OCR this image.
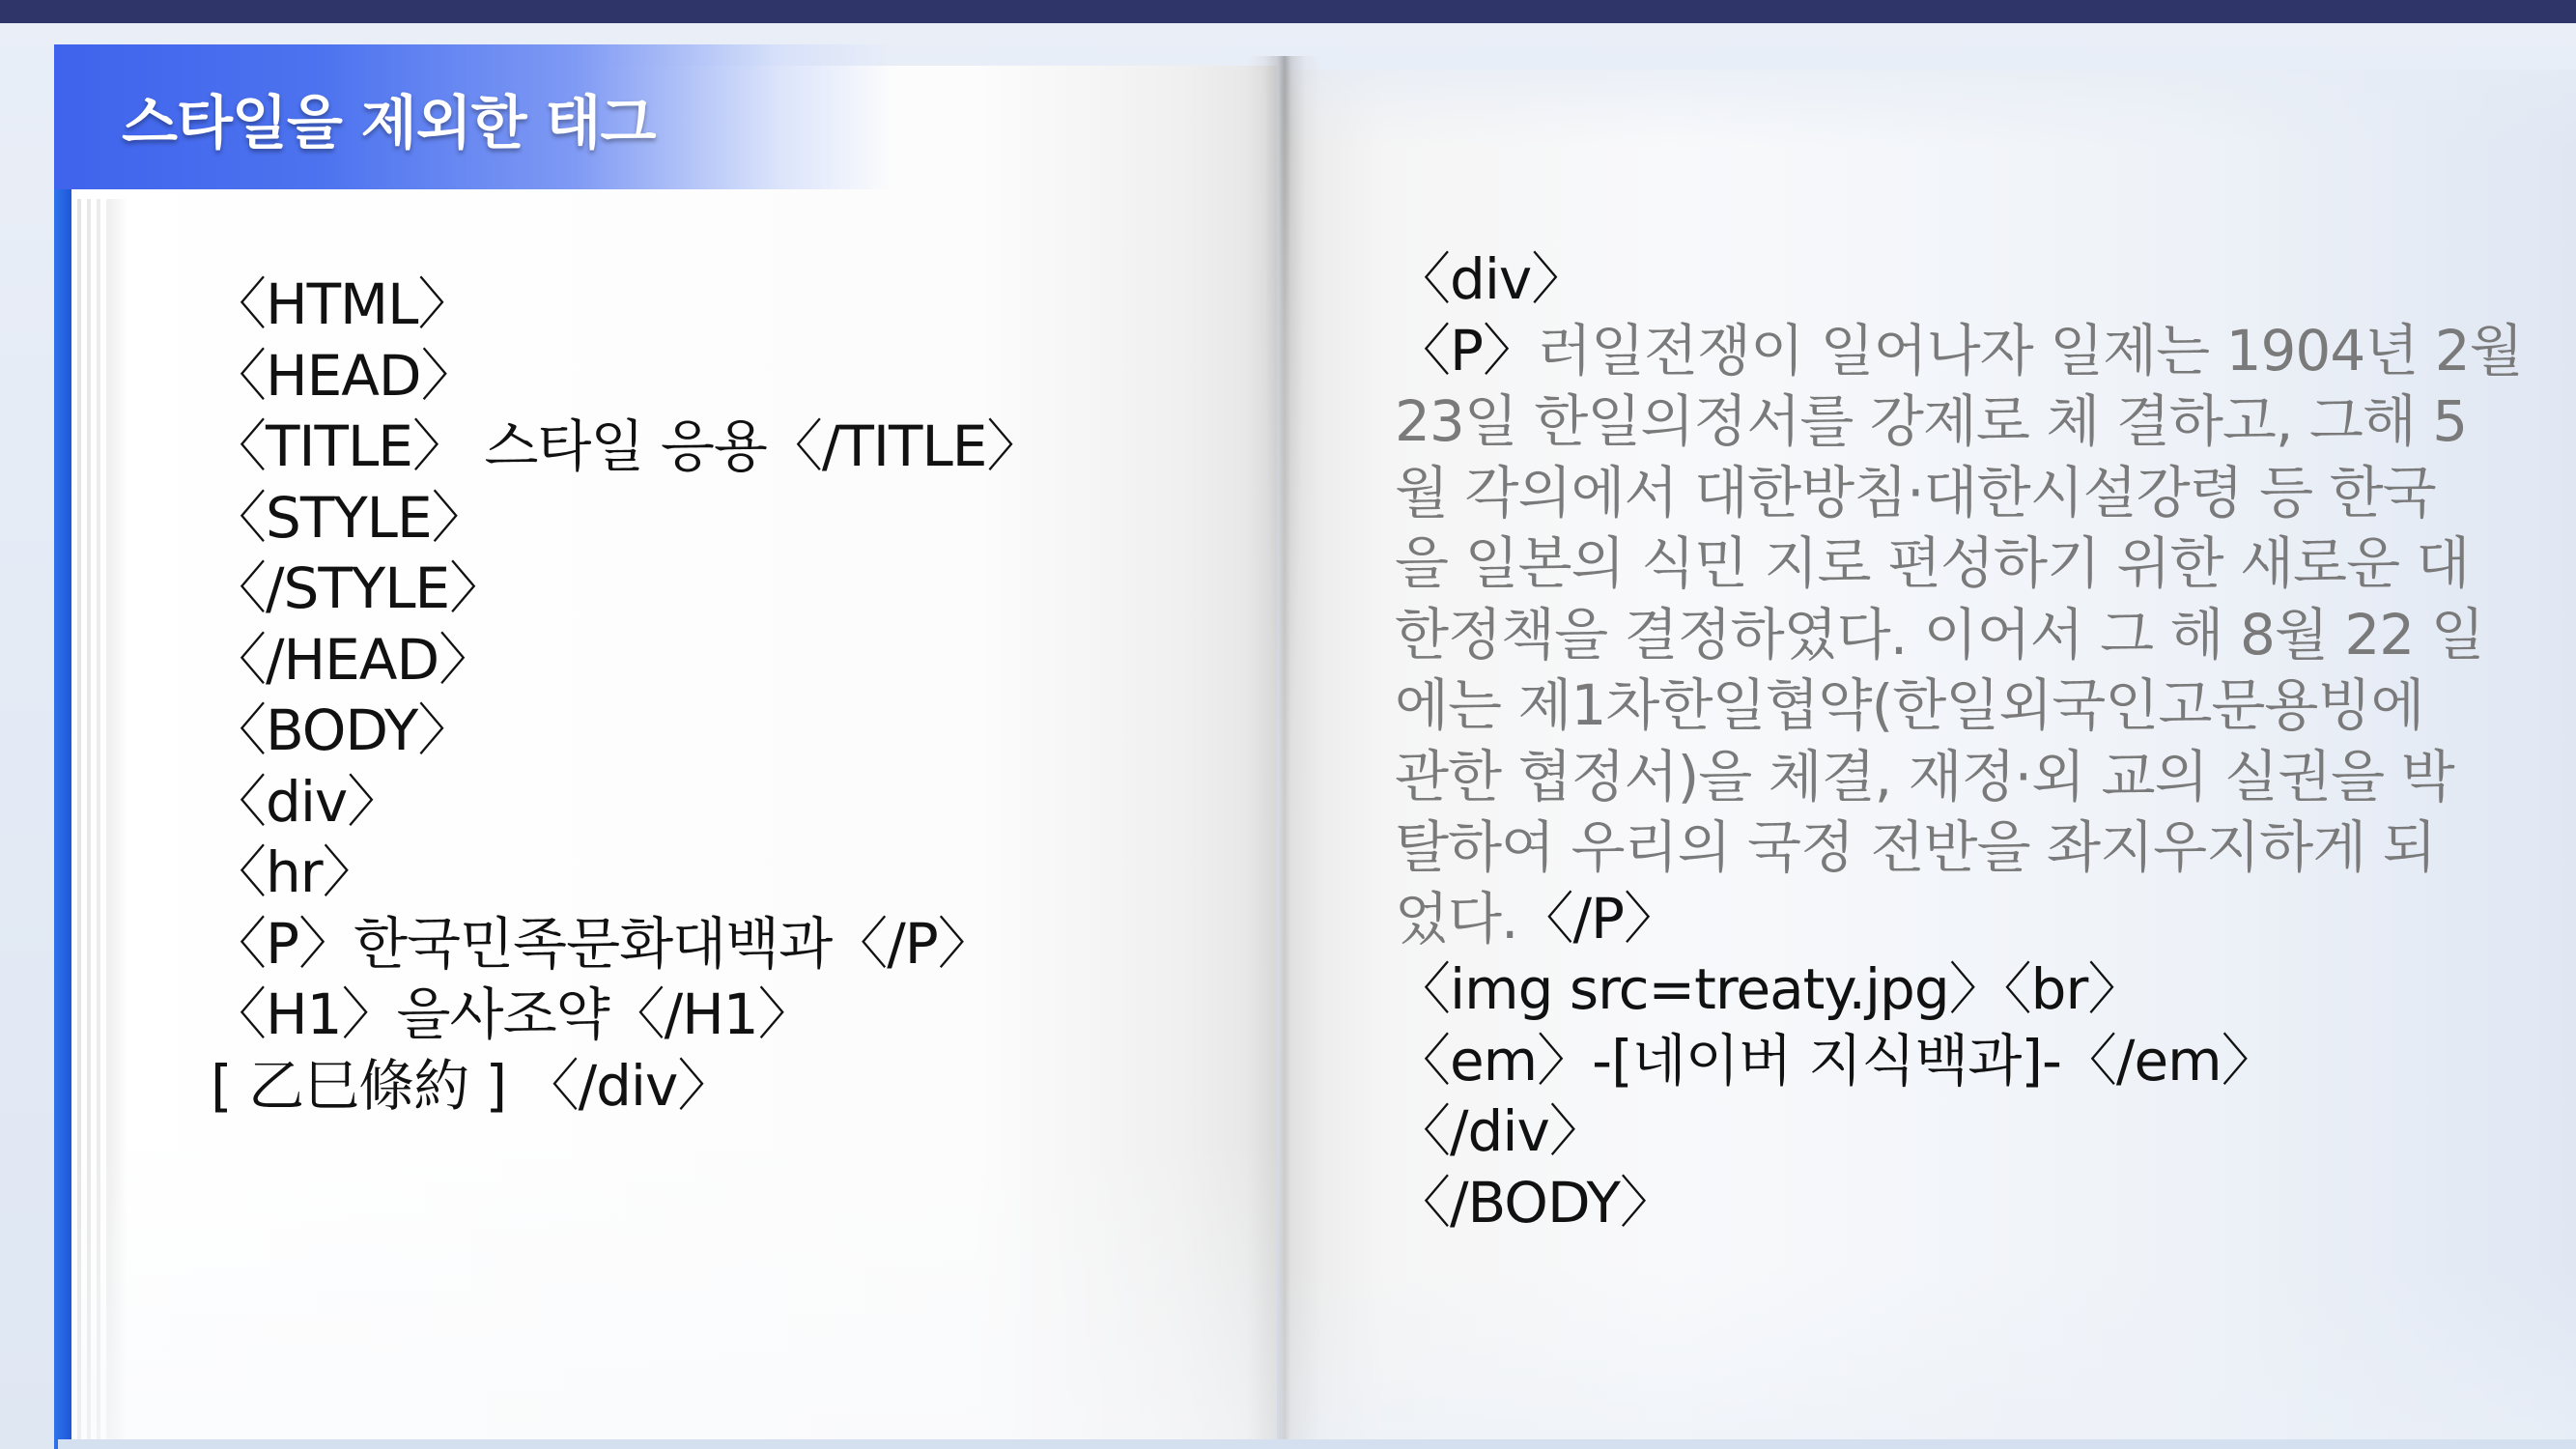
스타일을 제외한 태그
〈HTML〉
〈HEAD〉
〈TITLE〉 스타일 응용〈/TITLE〉
〈STYLE〉
〈/STYLE〉
〈/HEAD〉
〈BODY〉
〈div〉
〈hr〉
〈P〉한국민족문화대백과〈/P〉
〈H1〉을사조약〈/H1〉
[ 乙巳條約 ] 〈/div〉
〈div〉
〈P〉러일전쟁이 일어나자 일제는 1904년 2월
23일 한일의정서를 강제로 체 결하고, 그해 5
월 각의에서 대한방침·대한시설강령 등 한국
을 일본의 식민 지로 편성하기 위한 새로운 대
한정책을 결정하였다. 이어서 그 해 8월 22 일
에는 제1차한일협약(한일외국인고문용빙에
관한 협정서)을 체결, 재정·외 교의 실권을 박
탈하여 우리의 국정 전반을 좌지우지하게 되
었다.〈/P〉
〈img src=treaty.jpg〉〈br〉
〈em〉-[네이버 지식백과]-〈/em〉
〈/div〉
〈/BODY〉
